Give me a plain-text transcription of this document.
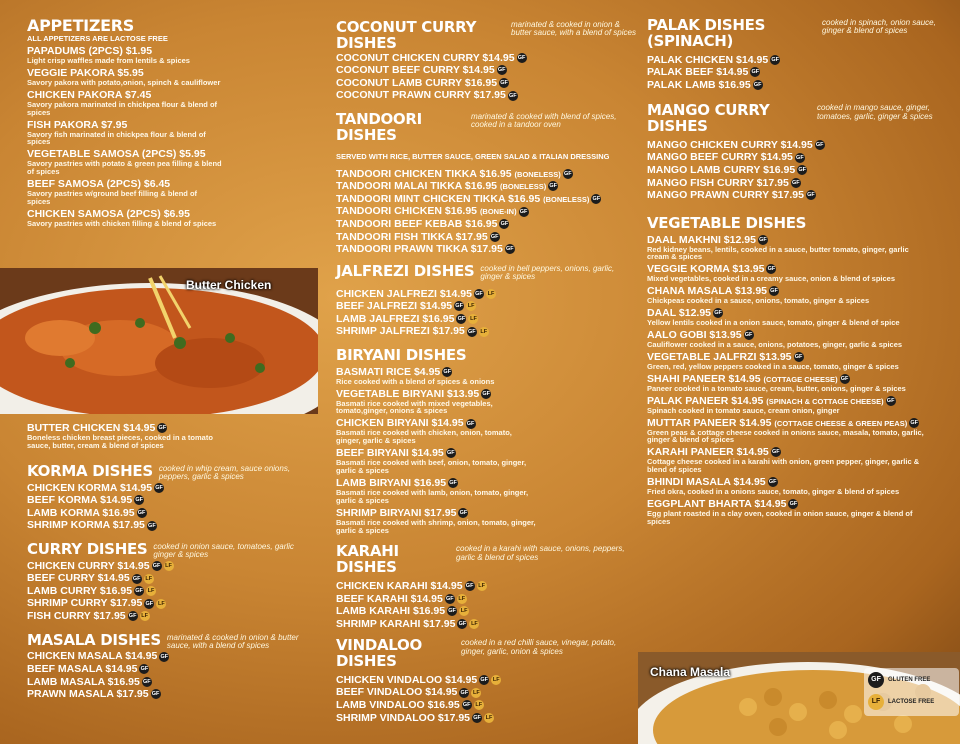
APPETIZERS
ALL APPETIZERS ARE LACTOSE FREE
PAPADUMS (2PCS) $1.95
Light crisp waffles made from lentils & spices
VEGGIE PAKORA $5.95
Savory pakora with potato,onion, spinch & cauliflower
CHICKEN PAKORA $7.45
Savory pakora marinated in chickpea flour & blend of spices
FISH PAKORA $7.95
Savory fish marinated in chickpea flour & blend of spices
VEGETABLE SAMOSA (2PCS) $5.95
Savory pastries with potato & green pea filling & blend of spices
BEEF SAMOSA (2PCS) $6.45
Savory pastries w/ground beef filling & blend of spices
CHICKEN SAMOSA (2PCS) $6.95
Savory pastries with chicken filling & blend of spices
Butter Chicken
BUTTER CHICKEN $14.95 GF
Boneless chicken breast pieces, cooked in a tomato sauce, butter, cream & blend of spices
KORMA DISHES cooked in whip cream, sauce onions, peppers, garlic & spices
CHICKEN KORMA $14.95 GF
BEEF KORMA $14.95 GF
LAMB KORMA $16.95 GF
SHRIMP KORMA $17.95 GF
CURRY DISHES cooked in onion sauce, tomatoes, garlic ginger & spices
CHICKEN CURRY $14.95 GF LF
BEEF CURRY $14.95 GF LF
LAMB CURRY $16.95 GF LF
SHRIMP CURRY $17.95 GF LF
FISH CURRY $17.95 GF LF
MASALA DISHES marinated & cooked in onion & butter sauce, with a blend of spices
CHICKEN MASALA $14.95 GF
BEEF MASALA $14.95 GF
LAMB MASALA $16.95 GF
PRAWN MASALA $17.95 GF
COCONUT CURRY DISHES
marinated & cooked in onion & butter sauce, with a blend of spices
COCONUT CHICKEN CURRY $14.95 GF
COCONUT BEEF CURRY $14.95 GF
COCONUT LAMB CURRY $16.95 GF
COCONUT PRAWN CURRY $17.95 GF
TANDOORI DISHES
marinated & cooked with blend of spices, cooked in a tandoor oven
SERVED WITH RICE, BUTTER SAUCE, GREEN SALAD & ITALIAN DRESSING
TANDOORI CHICKEN TIKKA $16.95 (BONELESS) GF
TANDOORI MALAI TIKKA $16.95 (BONELESS) GF
TANDOORI MINT CHICKEN TIKKA $16.95 (BONELESS) GF
TANDOORI CHICKEN $16.95 (BONE-IN) GF
TANDOORI BEEF KEBAB $16.95 GF
TANDOORI FISH TIKKA $17.95 GF
TANDOORI PRAWN TIKKA $17.95 GF
JALFREZI DISHES cooked in bell peppers, onions, garlic, ginger & spices
CHICKEN JALFREZI $14.95 GF LF
BEEF JALFREZI $14.95 GF LF
LAMB JALFREZI $16.95 GF LF
SHRIMP JALFREZI $17.95 GF LF
BIRYANI DISHES
BASMATI RICE $4.95 GF
Rice cooked with a blend of spices & onions
VEGETABLE BIRYANI $13.95 GF
Basmati rice cooked with mixed vegetables, tomato,ginger, onions & spices
CHICKEN BIRYANI $14.95 GF
Basmati rice cooked with chicken, onion, tomato, ginger, garlic & spices
BEEF BIRYANI $14.95 GF
Basmati rice cooked with beef, onion, tomato, ginger, garlic & spices
LAMB BIRYANI $16.95 GF
Basmati rice cooked with lamb, onion, tomato, ginger, garlic & spices
SHRIMP BIRYANI $17.95 GF
Basmati rice cooked with shrimp, onion, tomato, ginger, garlic & spices
KARAHI DISHES
cooked in a karahi with sauce, onions, peppers, garlic & blend of spices
CHICKEN KARAHI $14.95 GF LF
BEEF KARAHI $14.95 GF LF
LAMB KARAHI $16.95 GF LF
SHRIMP KARAHI $17.95 GF LF
VINDALOO DISHES
cooked in a red chilli sauce, vinegar, potato, ginger, garlic, onion & spices
CHICKEN VINDALOO $14.95 GF LF
BEEF VINDALOO $14.95 GF LF
LAMB VINDALOO $16.95 GF LF
SHRIMP VINDALOO $17.95 GF LF
PALAK DISHES (SPINACH)
cooked in spinach, onion sauce, ginger & blend of spices
PALAK CHICKEN $14.95 GF
PALAK BEEF $14.95 GF
PALAK LAMB $16.95 GF
MANGO CURRY DISHES
cooked in mango sauce, ginger, tomatoes, garlic, ginger & spices
MANGO CHICKEN CURRY $14.95 GF
MANGO BEEF CURRY $14.95 GF
MANGO LAMB CURRY $16.95 GF
MANGO FISH CURRY $17.95 GF
MANGO PRAWN CURRY $17.95 GF
VEGETABLE DISHES
DAAL MAKHNI $12.95 GF
Red kidney beans, lentils, cooked in a sauce, butter tomato, ginger, garlic cream & spices
VEGGIE KORMA $13.95 GF
Mixed vegetables, cooked in a creamy sauce, onion & blend of spices
CHANA MASALA $13.95 GF
Chickpeas cooked in a sauce, onions, tomato, ginger & spices
DAAL $12.95 GF
Yellow lentils cooked in a onion sauce, tomato, ginger & blend of spice
AALO GOBI $13.95 GF
Cauliflower cooked in a sauce, onions, potatoes, ginger, garlic & spices
VEGETABLE JALFRZI $13.95 GF
Green, red, yellow peppers cooked in a sauce, tomato, ginger & spices
SHAHI PANEER $14.95 (COTTAGE CHEESE) GF
Paneer cooked in a tomato sauce, cream, butter, onions, ginger & spices
PALAK PANEER $14.95 (SPINACH & COTTAGE CHEESE) GF
Spinach cooked in tomato sauce, cream onion, ginger
MUTTAR PANEER $14.95 (COTTAGE CHEESE & GREEN PEAS) GF
Green peas & cottage cheese cooked in onions sauce, masala, tomato, garlic, ginger & blend of spices
KARAHI PANEER $14.95 GF
Cottage cheese cooked in a karahi with onion, green pepper, ginger, garlic & blend of spices
BHINDI MASALA $14.95 GF
Fried okra, cooked in a onions sauce, tomato, ginger & blend of spices
EGGPLANT BHARTA $14.95 GF
Egg plant roasted in a clay oven, cooked in onion sauce, ginger & blend of spices
Chana Masala
GF	GLUTEN FREE
LF	LACTOSE FREE
